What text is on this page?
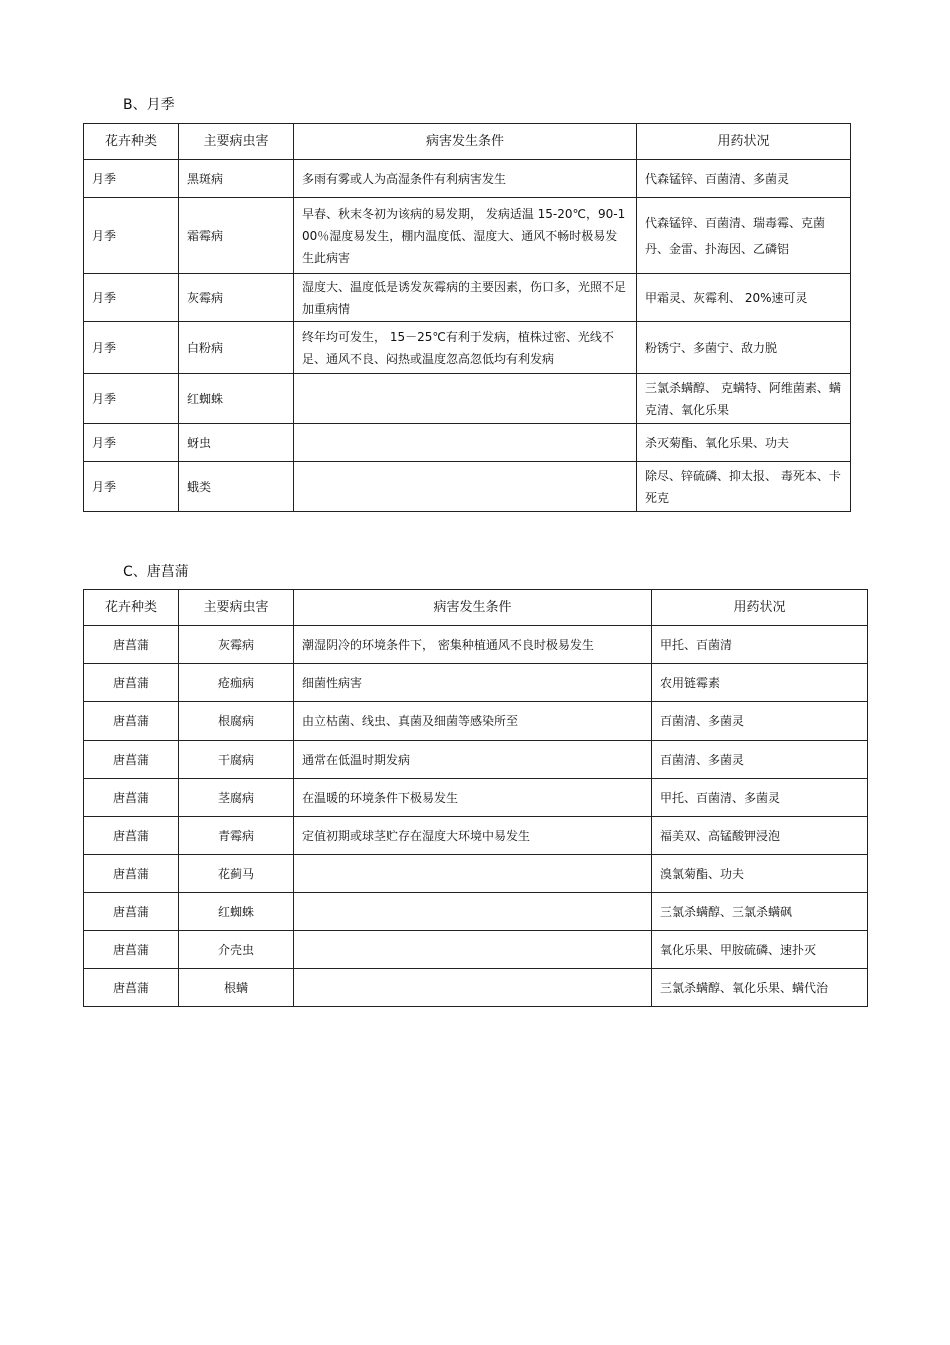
B、月季
花卉种类	主要病虫害	病害发生条件	用药状况
月季	黑斑病	多雨有雾或人为高湿条件有利病害发生	代森锰锌、百菌清、多菌灵
月季	霜霉病	早春、秋末冬初为该病的易发期， 发病适温 15-20℃，90-100％湿度易发生，棚内温度低、湿度大、通风不畅时极易发生此病害	代森锰锌、百菌清、瑞毒霉、克菌丹、金雷、扑海因、乙磷铝
月季	灰霉病	湿度大、温度低是诱发灰霉病的主要因素，伤口多，光照不足加重病情	甲霜灵、灰霉利、 20%速可灵
月季	白粉病	终年均可发生， 15－25℃有利于发病，植株过密、光线不足、通风不良、闷热或温度忽高忽低均有利发病	粉锈宁、多菌宁、敌力脱
月季	红蜘蛛		三氯杀螨醇、 克螨特、阿维菌素、螨克清、氧化乐果
月季	蚜虫		杀灭菊酯、氧化乐果、功夫
月季	蛾类		除尽、锌硫磷、抑太报、 毒死本、卡死克
C、唐菖蒲
花卉种类	主要病虫害	病害发生条件	用药状况
唐菖蒲	灰霉病	潮湿阴冷的环境条件下， 密集种植通风不良时极易发生	甲托、百菌清
唐菖蒲	疮痂病	细菌性病害	农用链霉素
唐菖蒲	根腐病	由立枯菌、线虫、真菌及细菌等感染所至	百菌清、多菌灵
唐菖蒲	干腐病	通常在低温时期发病	百菌清、多菌灵
唐菖蒲	茎腐病	在温暖的环境条件下极易发生	甲托、百菌清、多菌灵
唐菖蒲	青霉病	定值初期或球茎贮存在湿度大环境中易发生	福美双、高锰酸钾浸泡
唐菖蒲	花蓟马		溴氯菊酯、功夫
唐菖蒲	红蜘蛛		三氯杀螨醇、三氯杀螨砜
唐菖蒲	介壳虫		氧化乐果、甲胺硫磷、速扑灭
唐菖蒲	根螨		三氯杀螨醇、氧化乐果、螨代治
